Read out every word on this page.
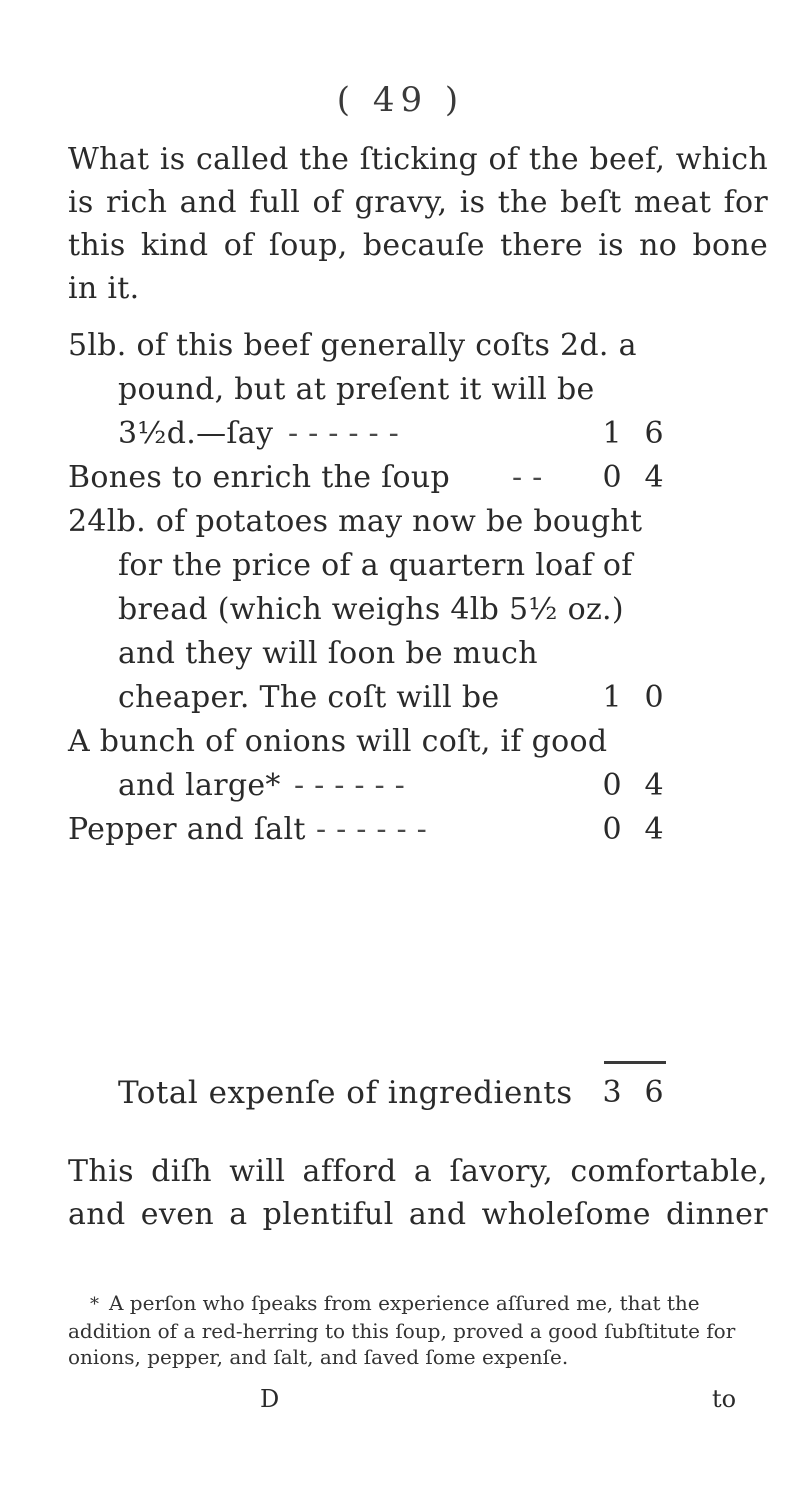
( 49 )
What is called the ſticking of the beef, which
is rich and full of gravy, is the beſt meat for
this kind of ſoup, becauſe there is no bone
in it.
5lb. of this beef generally coſts 2d. a
pound, but at preſent it will be
3½d.—ſay ------	1 6
Bones to enrich the ſoup -- 0 4
24lb. of potatoes may now be bought
for the price of a quartern loaf of
bread (which weighs 4lb 5½ oz.)
and they will ſoon be much
cheaper. The coſt will be	1 0
A bunch of onions will coſt, if good
and large* ------	0 4
Pepper and ſalt ------	0 4
Total expenſe of ingredients 3 6
This diſh will afford a ſavory, comfortable,
and even a plentiful and wholeſome dinner
* A perſon who ſpeaks from experience aſſured me, that the addition of a red-herring to this ſoup, proved a good ſubſtitute for onions, pepper, and ſalt, and ſaved ſome expenſe.
D	to
